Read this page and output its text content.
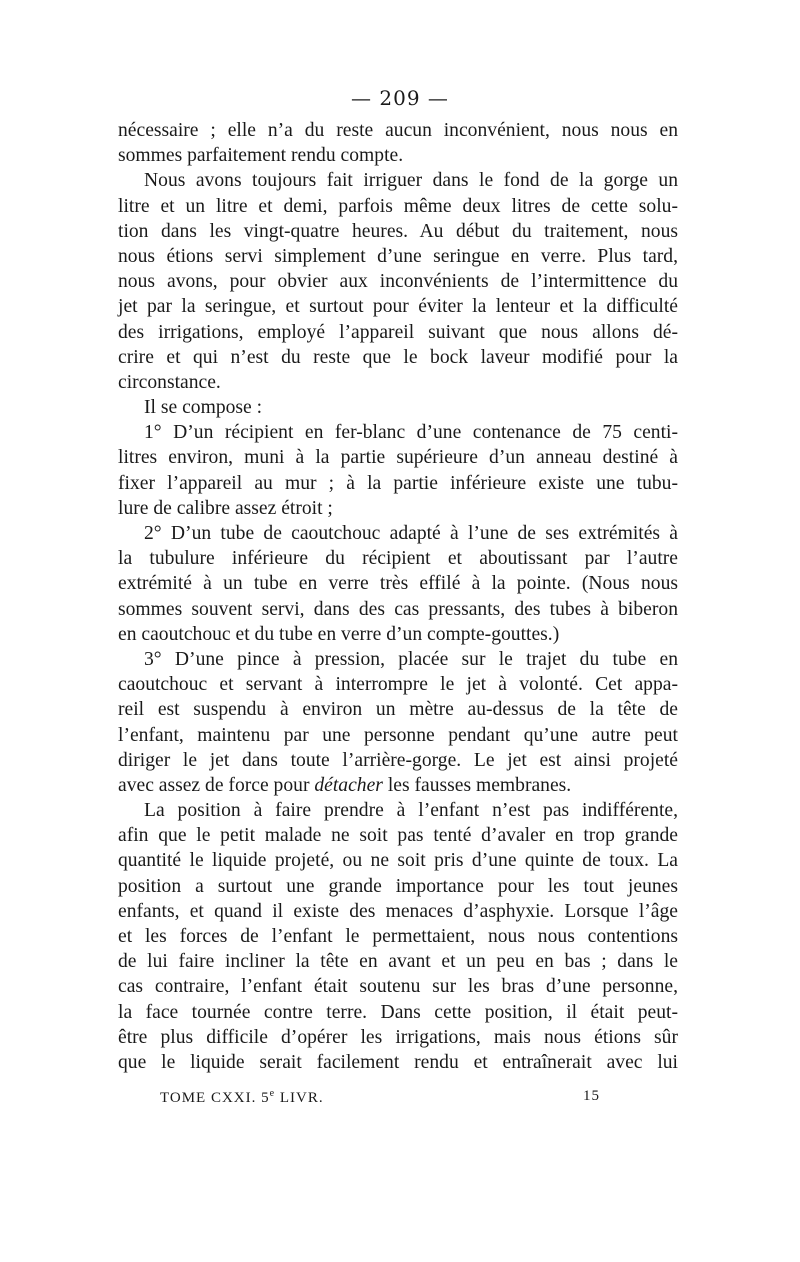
— 209 —
nécessaire ; elle n’a du reste aucun inconvénient, nous nous en
sommes parfaitement rendu compte.
Nous avons toujours fait irriguer dans le fond de la gorge un
litre et un litre et demi, parfois même deux litres de cette solu-
tion dans les vingt-quatre heures. Au début du traitement, nous
nous étions servi simplement d’une seringue en verre. Plus tard,
nous avons, pour obvier aux inconvénients de l’intermittence du
jet par la seringue, et surtout pour éviter la lenteur et la difficulté
des irrigations, employé l’appareil suivant que nous allons dé-
crire et qui n’est du reste que le bock laveur modifié pour la
circonstance.
Il se compose :
1° D’un récipient en fer-blanc d’une contenance de 75 centi-
litres environ, muni à la partie supérieure d’un anneau destiné à
fixer l’appareil au mur ; à la partie inférieure existe une tubu-
lure de calibre assez étroit ;
2° D’un tube de caoutchouc adapté à l’une de ses extrémités à
la tubulure inférieure du récipient et aboutissant par l’autre
extrémité à un tube en verre très effilé à la pointe. (Nous nous
sommes souvent servi, dans des cas pressants, des tubes à biberon
en caoutchouc et du tube en verre d’un compte-gouttes.)
3° D’une pince à pression, placée sur le trajet du tube en
caoutchouc et servant à interrompre le jet à volonté. Cet appa-
reil est suspendu à environ un mètre au-dessus de la tête de
l’enfant, maintenu par une personne pendant qu’une autre peut
diriger le jet dans toute l’arrière-gorge. Le jet est ainsi projeté
avec assez de force pour détacher les fausses membranes.
La position à faire prendre à l’enfant n’est pas indifférente,
afin que le petit malade ne soit pas tenté d’avaler en trop grande
quantité le liquide projeté, ou ne soit pris d’une quinte de toux. La
position a surtout une grande importance pour les tout jeunes
enfants, et quand il existe des menaces d’asphyxie. Lorsque l’âge
et les forces de l’enfant le permettaient, nous nous contentions
de lui faire incliner la tête en avant et un peu en bas ; dans le
cas contraire, l’enfant était soutenu sur les bras d’une personne,
la face tournée contre terre. Dans cette position, il était peut-
être plus difficile d’opérer les irrigations, mais nous étions sûr
que le liquide serait facilement rendu et entraînerait avec lui
TOME CXXI. 5e LIVR.	15
